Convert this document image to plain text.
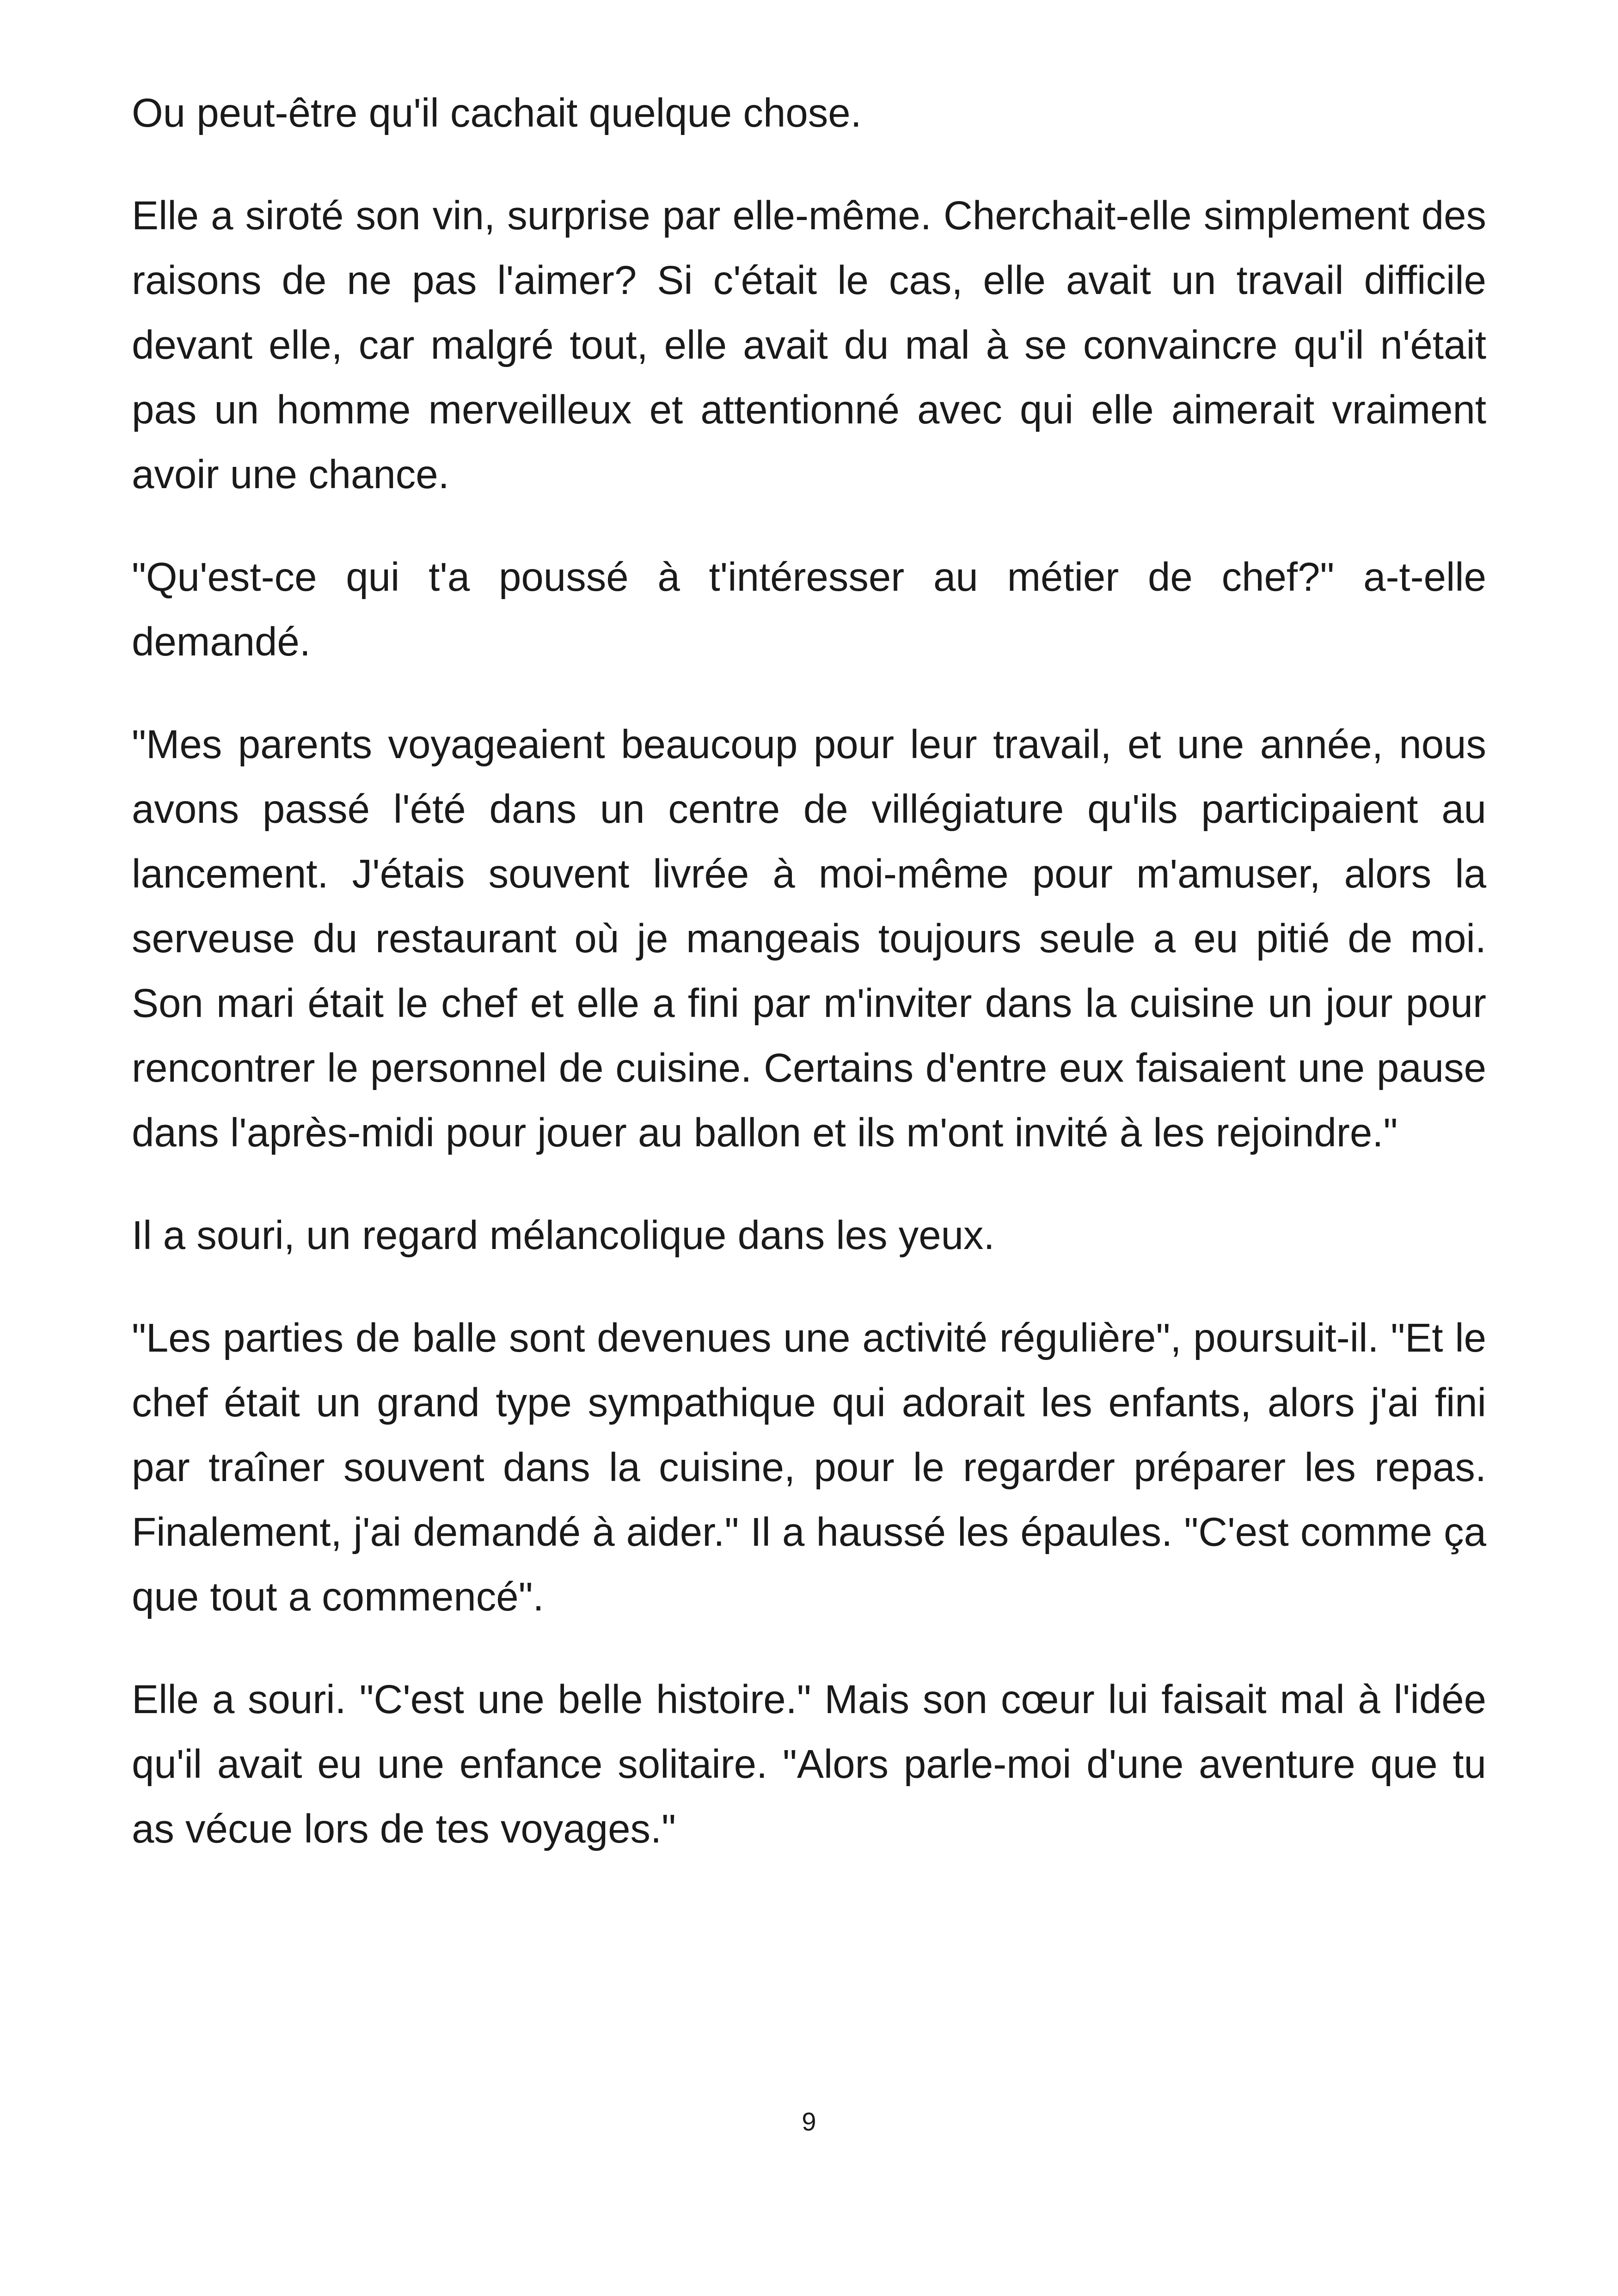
Ou peut-être qu'il cachait quelque chose.

Elle a siroté son vin, surprise par elle-même. Cherchait-elle simplement des raisons de ne pas l'aimer? Si c'était le cas, elle avait un travail difficile devant elle, car malgré tout, elle avait du mal à se convaincre qu'il n'était pas un homme merveilleux et attentionné avec qui elle aimerait vraiment avoir une chance.

"Qu'est-ce qui t'a poussé à t'intéresser au métier de chef?" a-t-elle demandé.

"Mes parents voyageaient beaucoup pour leur travail, et une année, nous avons passé l'été dans un centre de villégiature qu'ils participaient au lancement. J'étais souvent livrée à moi-même pour m'amuser, alors la serveuse du restaurant où je mangeais toujours seule a eu pitié de moi. Son mari était le chef et elle a fini par m'inviter dans la cuisine un jour pour rencontrer le personnel de cuisine. Certains d'entre eux faisaient une pause dans l'après-midi pour jouer au ballon et ils m'ont invité à les rejoindre."

Il a souri, un regard mélancolique dans les yeux.

"Les parties de balle sont devenues une activité régulière", poursuit-il. "Et le chef était un grand type sympathique qui adorait les enfants, alors j'ai fini par traîner souvent dans la cuisine, pour le regarder préparer les repas. Finalement, j'ai demandé à aider." Il a haussé les épaules. "C'est comme ça que tout a commencé".

Elle a souri. "C'est une belle histoire." Mais son cœur lui faisait mal à l'idée qu'il avait eu une enfance solitaire. "Alors parle-moi d'une aventure que tu as vécue lors de tes voyages."

9
